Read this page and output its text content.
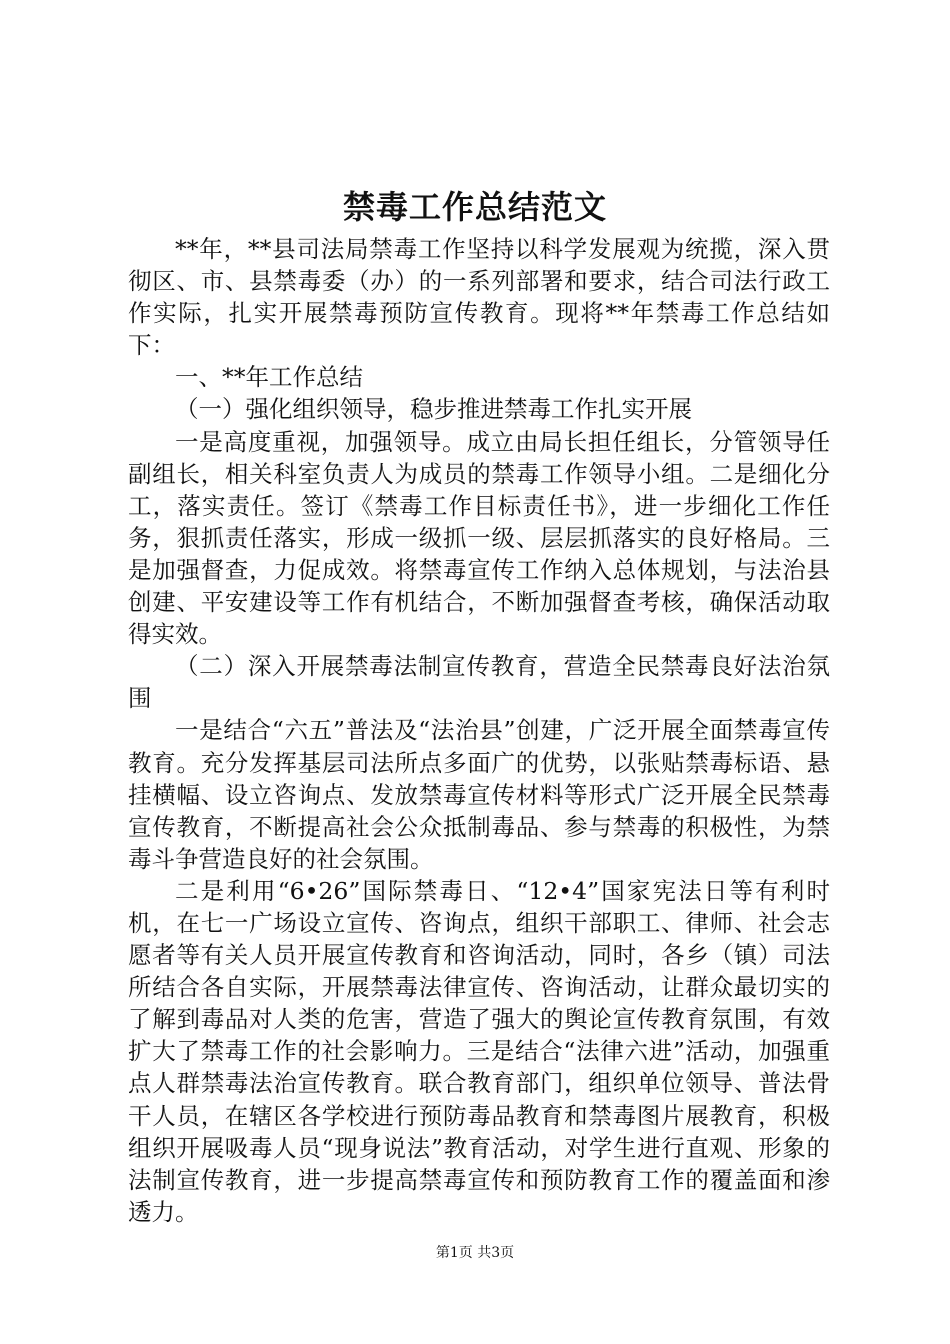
禁毒工作总结范文

**年，**县司法局禁毒工作坚持以科学发展观为统揽，深入贯彻区、市、县禁毒委（办）的一系列部署和要求，结合司法行政工作实际，扎实开展禁毒预防宣传教育。现将**年禁毒工作总结如下：

一、**年工作总结

（一）强化组织领导，稳步推进禁毒工作扎实开展

一是高度重视，加强领导。成立由局长担任组长，分管领导任副组长，相关科室负责人为成员的禁毒工作领导小组。二是细化分工，落实责任。签订《禁毒工作目标责任书》，进一步细化工作任务，狠抓责任落实，形成一级抓一级、层层抓落实的良好格局。三是加强督查，力促成效。将禁毒宣传工作纳入总体规划，与法治县创建、平安建设等工作有机结合，不断加强督查考核，确保活动取得实效。

（二）深入开展禁毒法制宣传教育，营造全民禁毒良好法治氛围

一是结合“六五”普法及“法治县”创建，广泛开展全面禁毒宣传教育。充分发挥基层司法所点多面广的优势，以张贴禁毒标语、悬挂横幅、设立咨询点、发放禁毒宣传材料等形式广泛开展全民禁毒宣传教育，不断提高社会公众抵制毒品、参与禁毒的积极性，为禁毒斗争营造良好的社会氛围。

二是利用“6•26”国际禁毒日、“12•4”国家宪法日等有利时机，在七一广场设立宣传、咨询点，组织干部职工、律师、社会志愿者等有关人员开展宣传教育和咨询活动，同时，各乡（镇）司法所结合各自实际，开展禁毒法律宣传、咨询活动，让群众最切实的了解到毒品对人类的危害，营造了强大的舆论宣传教育氛围，有效扩大了禁毒工作的社会影响力。三是结合“法律六进”活动，加强重点人群禁毒法治宣传教育。联合教育部门，组织单位领导、普法骨干人员，在辖区各学校进行预防毒品教育和禁毒图片展教育，积极组织开展吸毒人员“现身说法”教育活动，对学生进行直观、形象的法制宣传教育，进一步提高禁毒宣传和预防教育工作的覆盖面和渗透力。

第1页 共3页
